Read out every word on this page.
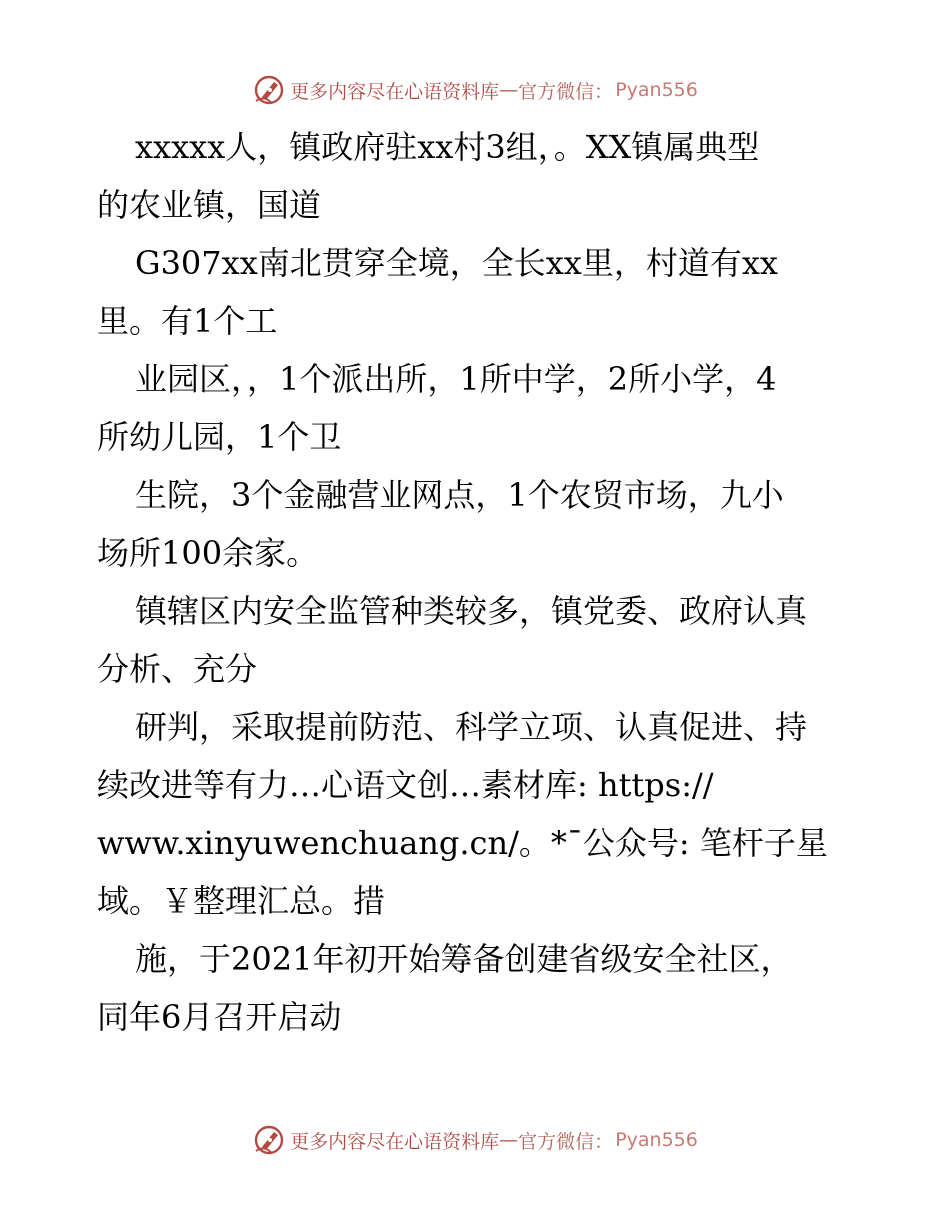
更多内容尽在心语资料库 — 官方微信： Pyan556
xxxxx人，镇政府驻xx村3组，。XX镇属典型
的农业镇，国道
G307xx南北贯穿全境，全长xx里，村道有xx
里。有1个工
业园区，，1个派出所，1所中学，2所小学，4
所幼儿园，1个卫
生院，3个金融营业网点，1个农贸市场，九小
场所100余家。
镇辖区内安全监管种类较多，镇党委、政府认真
分析、充分
研判，采取提前防范、科学立项、认真促进、持
续改进等有力…心语文创…素材库: https://
www.xinyuwenchuang.cn/。*¯公众号: 笔杆子星
域。￥整理汇总。措
施，于2021年初开始筹备创建省级安全社区，
同年6月召开启动
更多内容尽在心语资料库 — 官方微信： Pyan556
